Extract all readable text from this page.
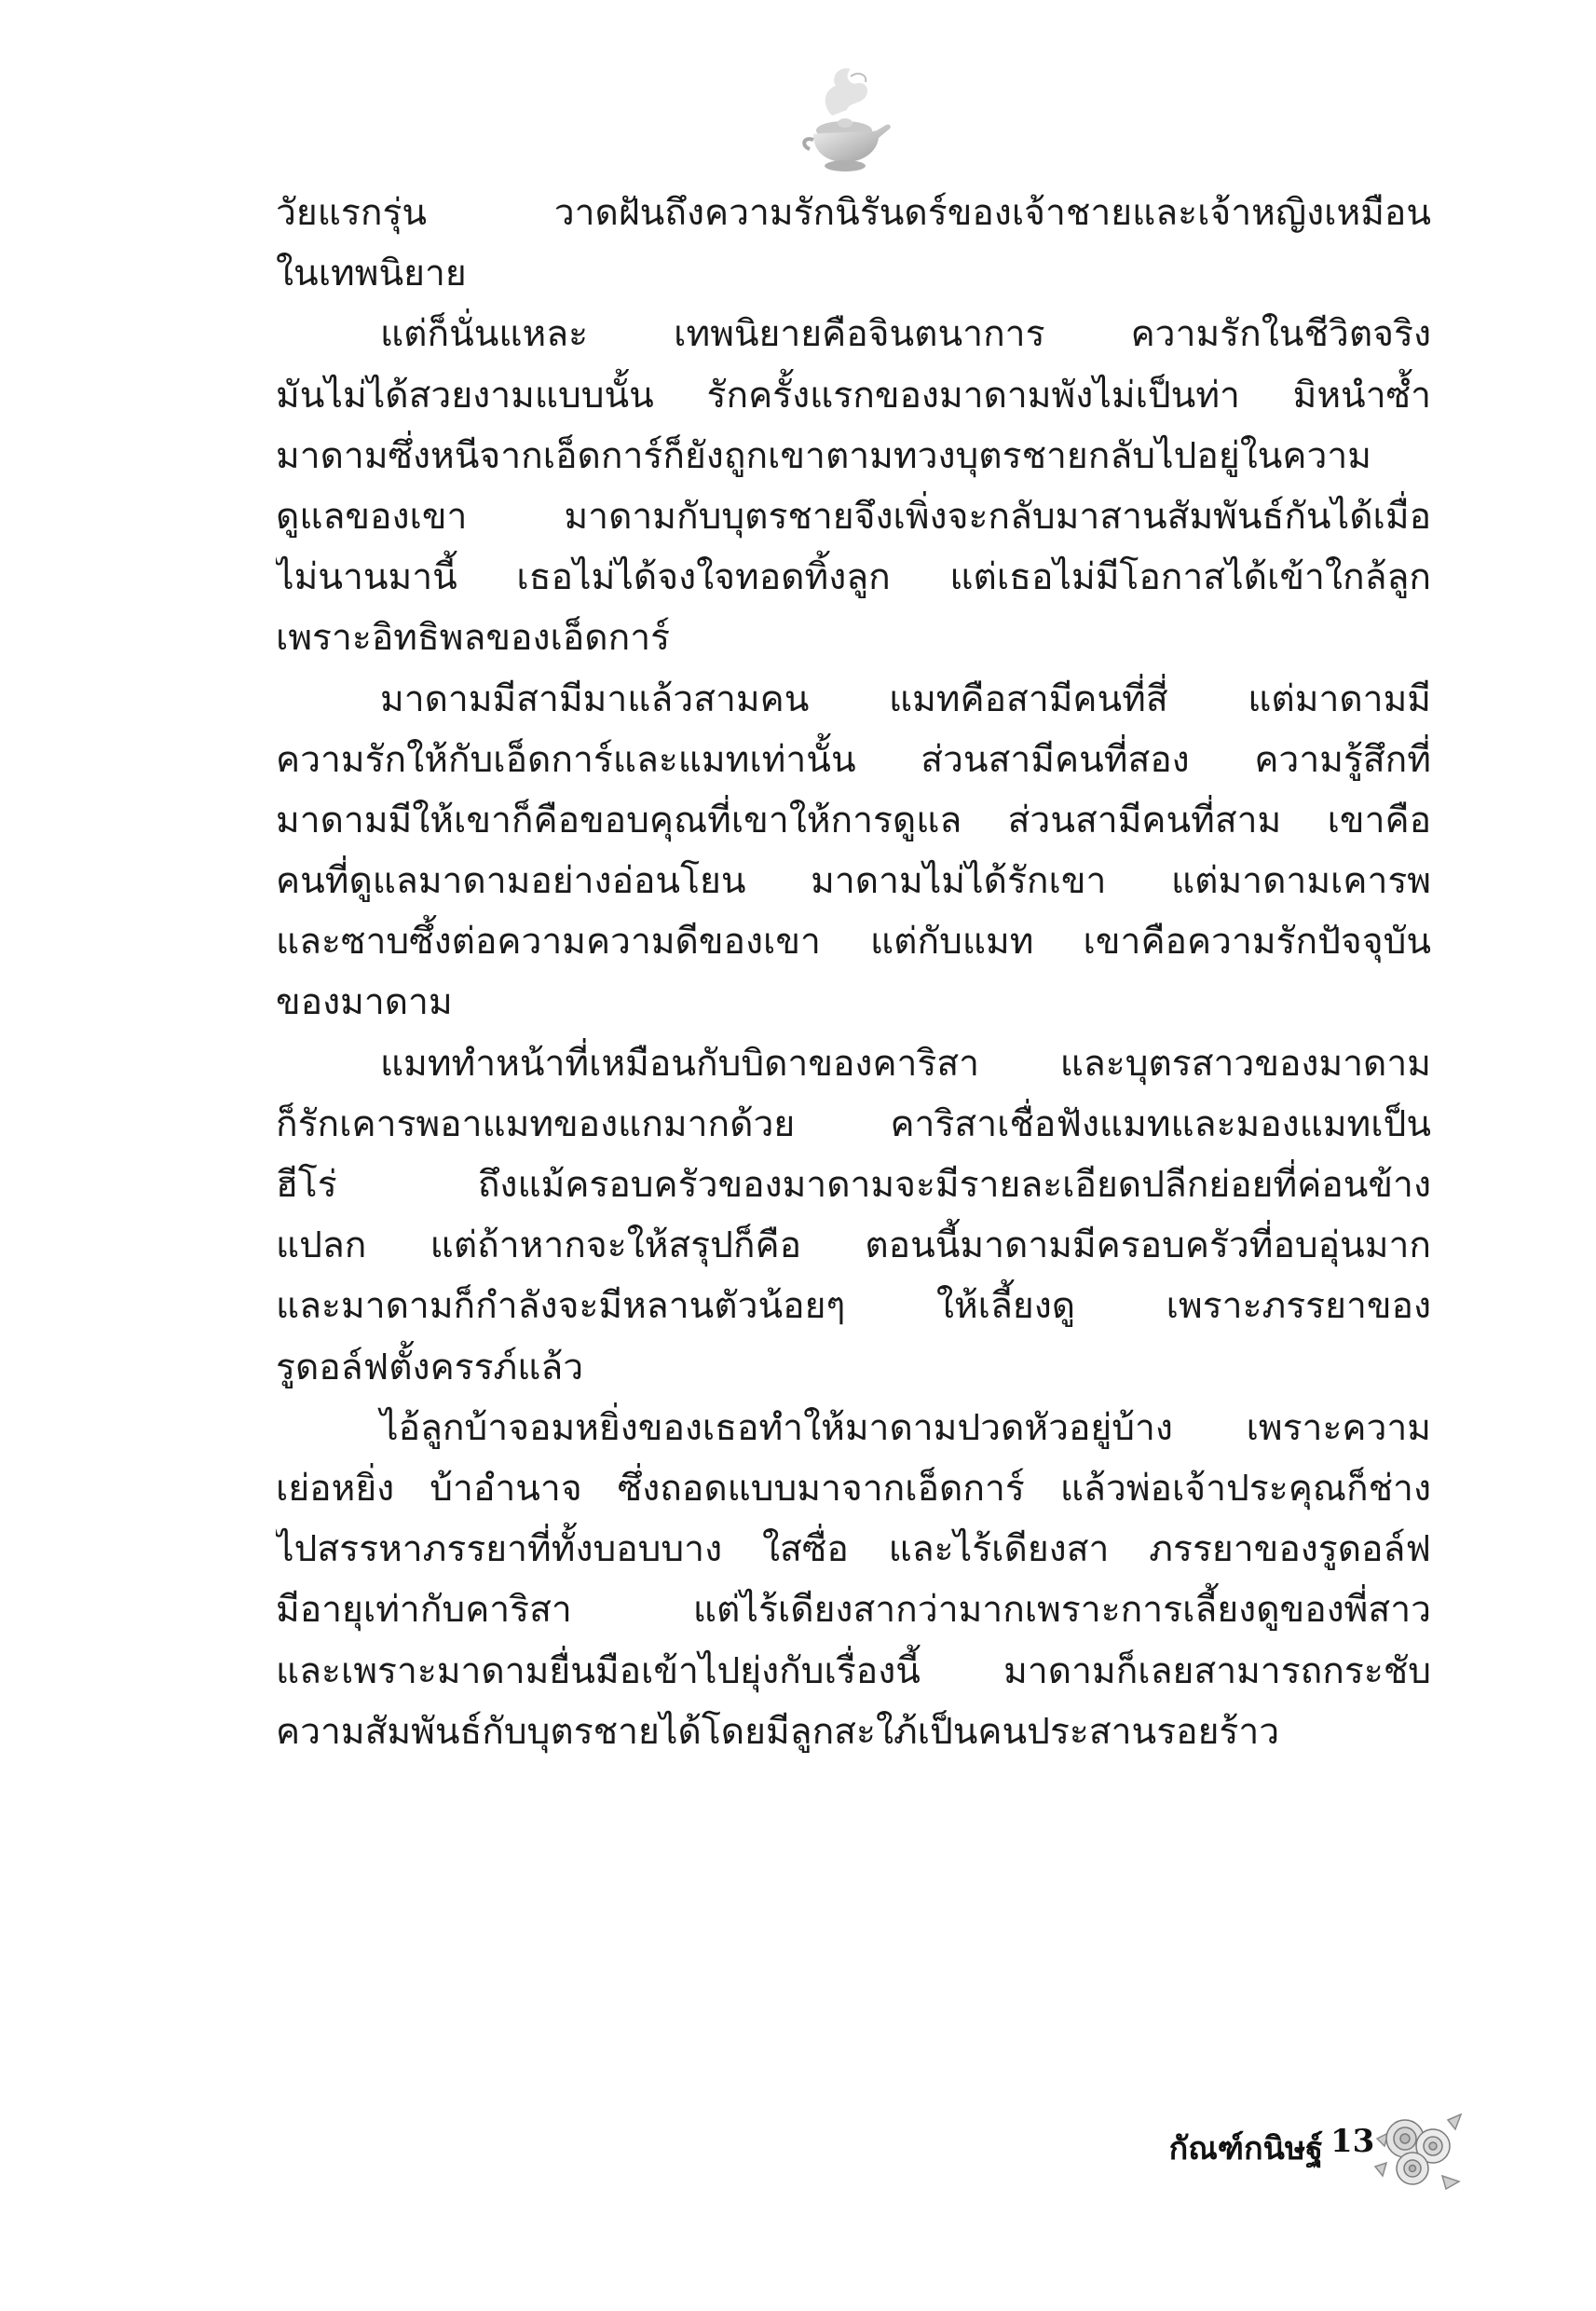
วัยแรกรุ่น วาดฝันถึงความรักนิรันดร์ของเจ้าชายและเจ้าหญิงเหมือน
ในเทพนิยาย
แต่ก็นั่นแหละ เทพนิยายคือจินตนาการ ความรักในชีวิตจริง
มันไม่ได้สวยงามแบบนั้น รักครั้งแรกของมาดามพังไม่เป็นท่า มิหนำซ้ำ
มาดามซึ่งหนีจากเอ็ดการ์ก็ยังถูกเขาตามทวงบุตรชายกลับไปอยู่ในความ
ดูแลของเขา มาดามกับบุตรชายจึงเพิ่งจะกลับมาสานสัมพันธ์กันได้เมื่อ
ไม่นานมานี้ เธอไม่ได้จงใจทอดทิ้งลูก แต่เธอไม่มีโอกาสได้เข้าใกล้ลูก
เพราะอิทธิพลของเอ็ดการ์
มาดามมีสามีมาแล้วสามคน แมทคือสามีคนที่สี่ แต่มาดามมี
ความรักให้กับเอ็ดการ์และแมทเท่านั้น ส่วนสามีคนที่สอง ความรู้สึกที่
มาดามมีให้เขาก็คือขอบคุณที่เขาให้การดูแล ส่วนสามีคนที่สาม เขาคือ
คนที่ดูแลมาดามอย่างอ่อนโยน มาดามไม่ได้รักเขา แต่มาดามเคารพ
และซาบซึ้งต่อความความดีของเขา แต่กับแมท เขาคือความรักปัจจุบัน
ของมาดาม
แมททำหน้าที่เหมือนกับบิดาของคาริสา และบุตรสาวของมาดาม
ก็รักเคารพอาแมทของแกมากด้วย คาริสาเชื่อฟังแมทและมองแมทเป็น
ฮีโร่ ถึงแม้ครอบครัวของมาดามจะมีรายละเอียดปลีกย่อยที่ค่อนข้าง
แปลก แต่ถ้าหากจะให้สรุปก็คือ ตอนนี้มาดามมีครอบครัวที่อบอุ่นมาก
และมาดามก็กำลังจะมีหลานตัวน้อยๆ ให้เลี้ยงดู เพราะภรรยาของ
รูดอล์ฟตั้งครรภ์แล้ว
ไอ้ลูกบ้าจอมหยิ่งของเธอทำให้มาดามปวดหัวอยู่บ้าง เพราะความ
เย่อหยิ่ง บ้าอำนาจ ซึ่งถอดแบบมาจากเอ็ดการ์ แล้วพ่อเจ้าประคุณก็ช่าง
ไปสรรหาภรรยาที่ทั้งบอบบาง ใสซื่อ และไร้เดียงสา ภรรยาของรูดอล์ฟ
มีอายุเท่ากับคาริสา แต่ไร้เดียงสากว่ามากเพราะการเลี้ยงดูของพี่สาว
และเพราะมาดามยื่นมือเข้าไปยุ่งกับเรื่องนี้ มาดามก็เลยสามารถกระชับ
ความสัมพันธ์กับบุตรชายได้โดยมีลูกสะใภ้เป็นคนประสานรอยร้าว
กัณฑ์กนิษฐ์ 13
